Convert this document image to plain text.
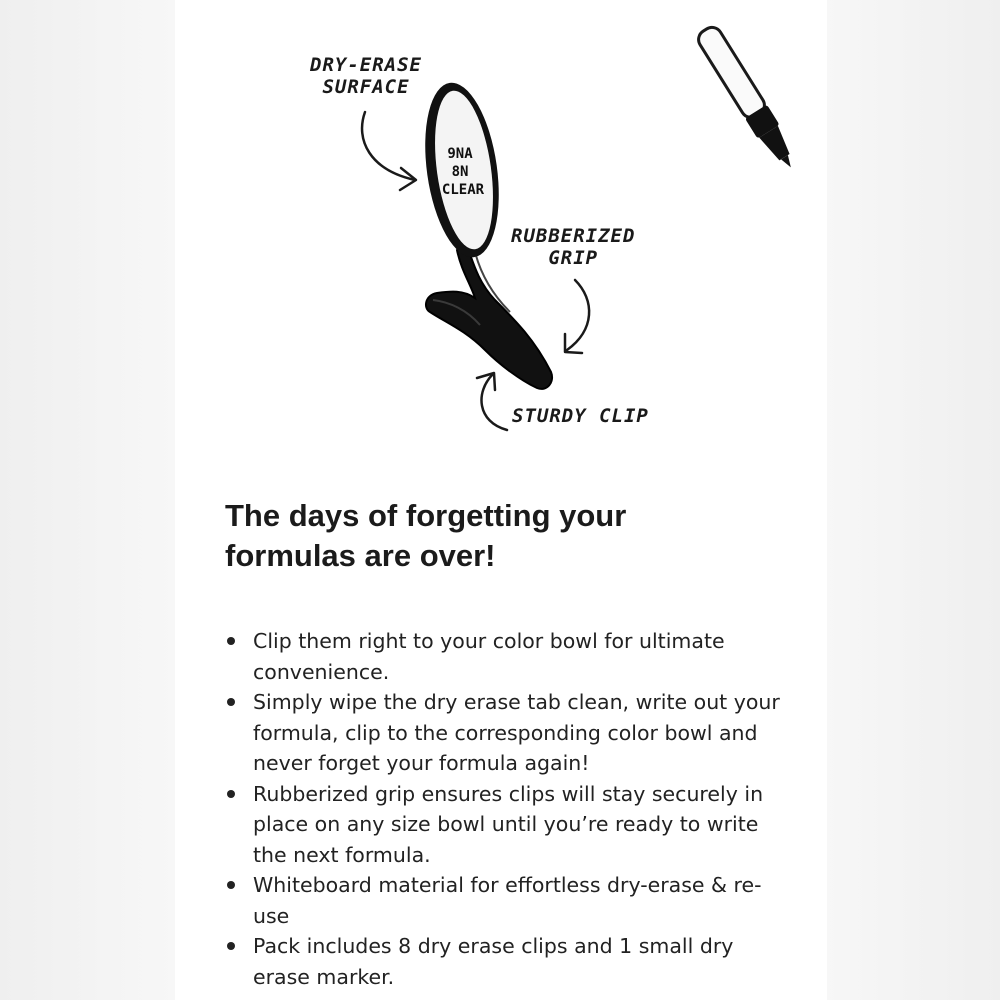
9NA
8N
CLEAR
DRY-ERASE
SURFACE
RUBBERIZED
GRIP
STURDY CLIP
The days of forgetting your
formulas are over!
Clip them right to your color bowl for ultimate convenience.
Simply wipe the dry erase tab clean, write out your formula, clip to the corresponding color bowl and never forget your formula again!
Rubberized grip ensures clips will stay securely in place on any size bowl until you’re ready to write the next formula.
Whiteboard material for effortless dry-erase & re-use
Pack includes 8 dry erase clips and 1 small dry erase marker.
